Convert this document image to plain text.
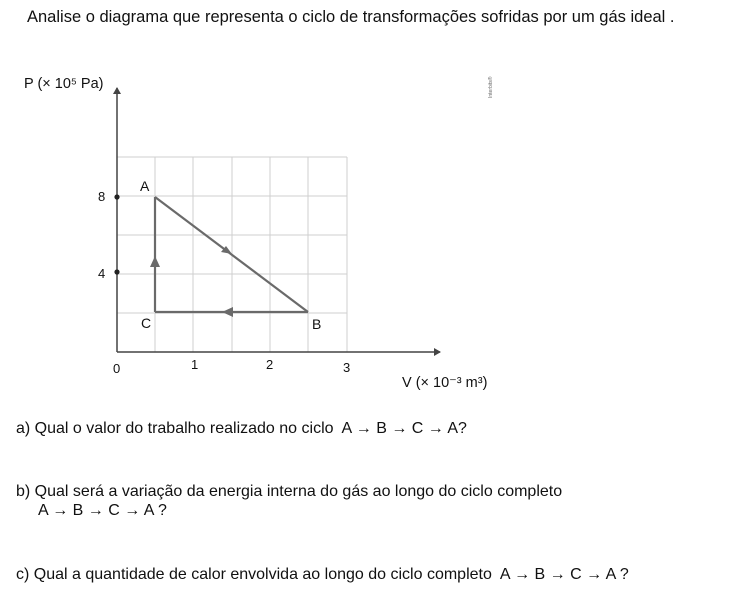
Analise o diagrama que representa o ciclo de transformações sofridas por um gás ideal .
P (× 10⁵ Pa)
V (× 10⁻³ m³)
Interbits®
0	1	2	3
4
8
A
B
C
a) Qual o valor do trabalho realizado no ciclo A → B → C → A?
b) Qual será a variação da energia interna do gás ao longo do ciclo completo
A → B → C → A ?
c) Qual a quantidade de calor envolvida ao longo do ciclo completo A → B → C → A ?
